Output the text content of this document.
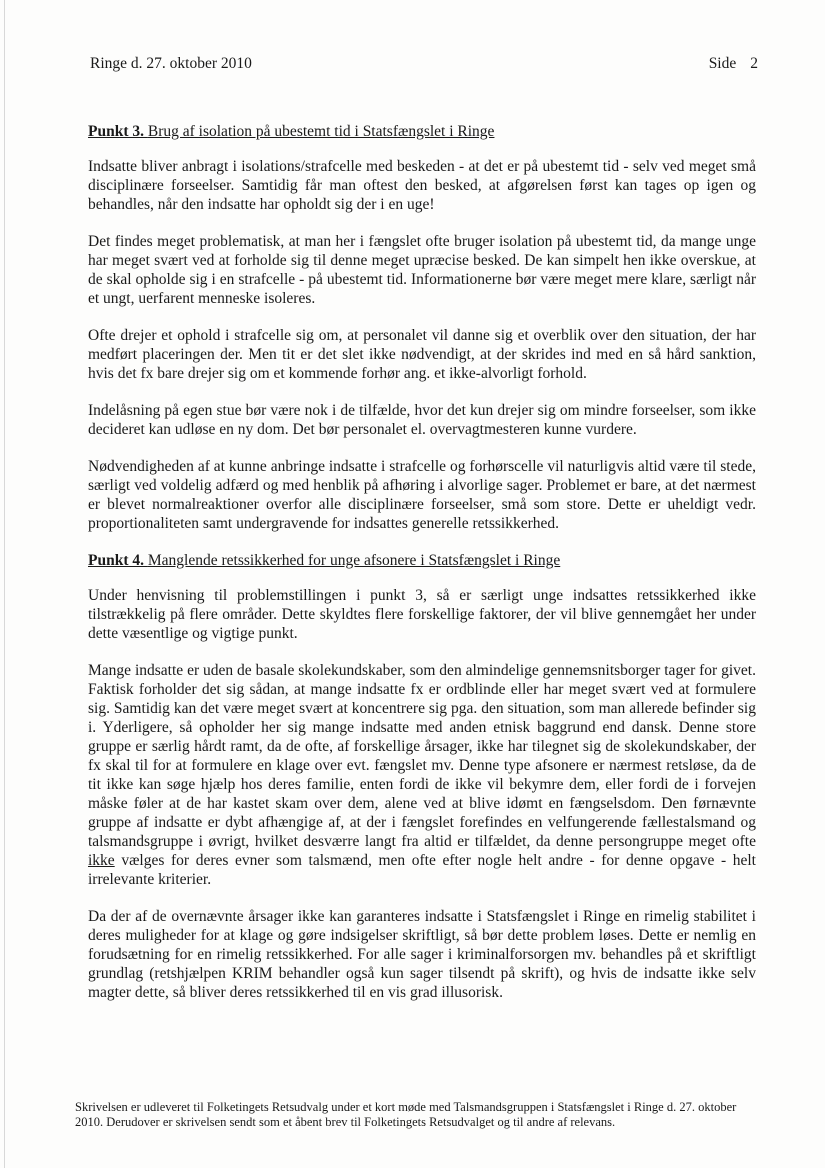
Ringe d. 27. oktober 2010	Side 2
Punkt 3. Brug af isolation på ubestemt tid i Statsfængslet i Ringe

Indsatte bliver anbragt i isolations/strafcelle med beskeden - at det er på ubestemt tid - selv ved meget små disciplinære forseelser. Samtidig får man oftest den besked, at afgørelsen først kan tages op igen og behandles, når den indsatte har opholdt sig der i en uge!

Det findes meget problematisk, at man her i fængslet ofte bruger isolation på ubestemt tid, da mange unge har meget svært ved at forholde sig til denne meget upræcise besked. De kan simpelt hen ikke overskue, at de skal opholde sig i en strafcelle - på ubestemt tid. Informationerne bør være meget mere klare, særligt når et ungt, uerfarent menneske isoleres.

Ofte drejer et ophold i strafcelle sig om, at personalet vil danne sig et overblik over den situation, der har medført placeringen der. Men tit er det slet ikke nødvendigt, at der skrides ind med en så hård sanktion, hvis det fx bare drejer sig om et kommende forhør ang. et ikke-alvorligt forhold.

Indelåsning på egen stue bør være nok i de tilfælde, hvor det kun drejer sig om mindre forseelser, som ikke decideret kan udløse en ny dom. Det bør personalet el. overvagtmesteren kunne vurdere.

Nødvendigheden af at kunne anbringe indsatte i strafcelle og forhørscelle vil naturligvis altid være til stede, særligt ved voldelig adfærd og med henblik på afhøring i alvorlige sager. Problemet er bare, at det nærmest er blevet normalreaktioner overfor alle disciplinære forseelser, små som store. Dette er uheldigt vedr. proportionaliteten samt undergravende for indsattes generelle retssikkerhed.

Punkt 4. Manglende retssikkerhed for unge afsonere i Statsfængslet i Ringe

Under henvisning til problemstillingen i punkt 3, så er særligt unge indsattes retssikkerhed ikke tilstrækkelig på flere områder. Dette skyldtes flere forskellige faktorer, der vil blive gennemgået her under dette væsentlige og vigtige punkt.

Mange indsatte er uden de basale skolekundskaber, som den almindelige gennemsnitsborger tager for givet. Faktisk forholder det sig sådan, at mange indsatte fx er ordblinde eller har meget svært ved at formulere sig. Samtidig kan det være meget svært at koncentrere sig pga. den situation, som man allerede befinder sig i. Yderligere, så opholder her sig mange indsatte med anden etnisk baggrund end dansk. Denne store gruppe er særlig hårdt ramt, da de ofte, af forskellige årsager, ikke har tilegnet sig de skolekundskaber, der fx skal til for at formulere en klage over evt. fængslet mv. Denne type afsonere er nærmest retsløse, da de tit ikke kan søge hjælp hos deres familie, enten fordi de ikke vil bekymre dem, eller fordi de i forvejen måske føler at de har kastet skam over dem, alene ved at blive idømt en fængselsdom. Den førnævnte gruppe af indsatte er dybt afhængige af, at der i fængslet forefindes en velfungerende fællestalsmand og talsmandsgruppe i øvrigt, hvilket desværre langt fra altid er tilfældet, da denne persongruppe meget ofte ikke vælges for deres evner som talsmænd, men ofte efter nogle helt andre - for denne opgave - helt irrelevante kriterier.

Da der af de overnævnte årsager ikke kan garanteres indsatte i Statsfængslet i Ringe en rimelig stabilitet i deres muligheder for at klage og gøre indsigelser skriftligt, så bør dette problem løses. Dette er nemlig en forudsætning for en rimelig retssikkerhed. For alle sager i kriminalforsorgen mv. behandles på et skriftligt grundlag (retshjælpen KRIM behandler også kun sager tilsendt på skrift), og hvis de indsatte ikke selv magter dette, så bliver deres retssikkerhed til en vis grad illusorisk.

Skrivelsen er udleveret til Folketingets Retsudvalg under et kort møde med Talsmandsgruppen i Statsfængslet i Ringe d. 27. oktober 2010. Derudover er skrivelsen sendt som et åbent brev til Folketingets Retsudvalget og til andre af relevans.
